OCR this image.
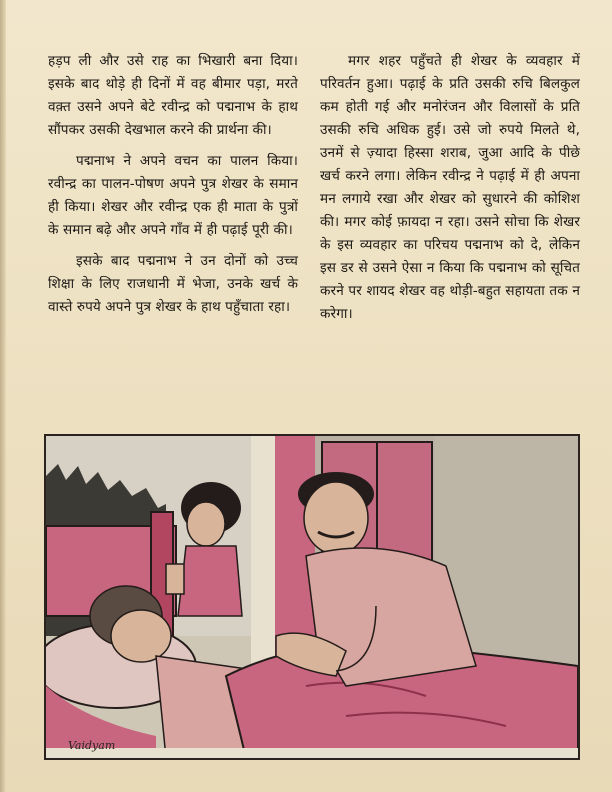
हड़प ली और उसे राह का भिखारी बना दिया। इसके बाद थोड़े ही दिनों में वह बीमार पड़ा, मरते वक़्त उसने अपने बेटे रवीन्द्र को पद्मनाभ के हाथ सौंपकर उसकी देखभाल करने की प्रार्थना की।

पद्मनाभ ने अपने वचन का पालन किया। रवीन्द्र का पालन-पोषण अपने पुत्र शेखर के समान ही किया। शेखर और रवीन्द्र एक ही माता के पुत्रों के समान बढ़े और अपने गाँव में ही पढ़ाई पूरी की।

इसके बाद पद्मनाभ ने उन दोनों को उच्च शिक्षा के लिए राजधानी में भेजा, उनके खर्च के वास्ते रुपये अपने पुत्र शेखर के हाथ पहुँचाता रहा।

मगर शहर पहुँचते ही शेखर के व्यवहार में परिवर्तन हुआ। पढ़ाई के प्रति उसकी रुचि बिलकुल कम होती गई और मनोरंजन और विलासों के प्रति उसकी रुचि अधिक हुई। उसे जो रुपये मिलते थे, उनमें से ज़्यादा हिस्सा शराब, जुआ आदि के पीछे खर्च करने लगा। लेकिन रवीन्द्र ने पढ़ाई में ही अपना मन लगाये रखा और शेखर को सुधारने की कोशिश की। मगर कोई फ़ायदा न रहा। उसने सोचा कि शेखर के इस व्यवहार का परिचय पद्मनाभ को दे, लेकिन इस डर से उसने ऐसा न किया कि पद्मनाभ को सूचित करने पर शायद शेखर वह थोड़ी-बहुत सहायता तक न करेगा।

Vaidyam
